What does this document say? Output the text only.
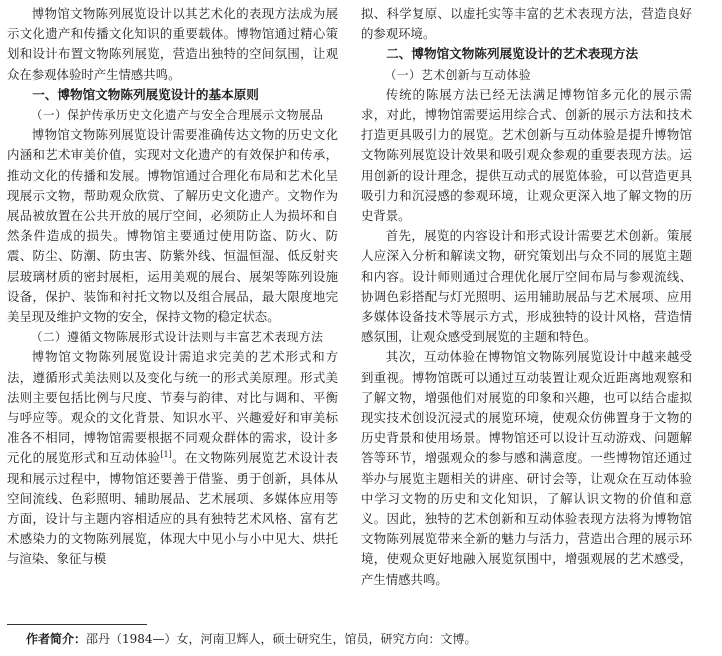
博物馆文物陈列展览设计以其艺术化的表现方法成为展示文化遗产和传播文化知识的重要载体。博物馆通过精心策划和设计布置文物陈列展览，营造出独特的空间氛围，让观众在参观体验时产生情感共鸣。

一、博物馆文物陈列展览设计的基本原则
（一）保护传承历史文化遗产与安全合理展示文物展品

博物馆文物陈列展览设计需要准确传达文物的历史文化内涵和艺术审美价值，实现对文化遗产的有效保护和传承，推动文化的传播和发展。博物馆通过合理化布局和艺术化呈现展示文物，帮助观众欣赏、了解历史文化遗产。文物作为展品被放置在公共开放的展厅空间，必须防止人为损坏和自然条件造成的损失。博物馆主要通过使用防盗、防火、防震、防尘、防潮、防虫害、防紫外线、恒温恒湿、低反射夹层玻璃材质的密封展柜，运用美观的展台、展架等陈列设施设备，保护、装饰和衬托文物以及组合展品，最大限度地完美呈现及维护文物的安全，保持文物的稳定状态。

（二）遵循文物陈展形式设计法则与丰富艺术表现方法

博物馆文物陈列展览设计需追求完美的艺术形式和方法，遵循形式美法则以及变化与统一的形式美原理。形式美法则主要包括比例与尺度、节奏与韵律、对比与调和、平衡与呼应等。观众的文化背景、知识水平、兴趣爱好和审美标准各不相同，博物馆需要根据不同观众群体的需求，设计多元化的展览形式和互动体验[1]。在文物陈列展览艺术设计表现和展示过程中，博物馆还要善于借鉴、勇于创新，具体从空间流线、色彩照明、辅助展品、艺术展项、多媒体应用等方面，设计与主题内容相适应的具有独特艺术风格、富有艺术感染力的文物陈列展览，体现大中见小与小中见大、烘托与渲染、象征与模

拟、科学复原、以虚托实等丰富的艺术表现方法，营造良好的参观环境。

二、博物馆文物陈列展览设计的艺术表现方法
（一）艺术创新与互动体验

传统的陈展方法已经无法满足博物馆多元化的展示需求，对此，博物馆需要运用综合式、创新的展示方法和技术打造更具吸引力的展览。艺术创新与互动体验是提升博物馆文物陈列展览设计效果和吸引观众参观的重要表现方法。运用创新的设计理念，提供互动式的展览体验，可以营造更具吸引力和沉浸感的参观环境，让观众更深入地了解文物的历史背景。

首先，展览的内容设计和形式设计需要艺术创新。策展人应深入分析和解读文物，研究策划出与众不同的展览主题和内容。设计师则通过合理优化展厅空间布局与参观流线、协调色彩搭配与灯光照明、运用辅助展品与艺术展项、应用多媒体设备技术等展示方式，形成独特的设计风格，营造情感氛围，让观众感受到展览的主题和特色。

其次，互动体验在博物馆文物陈列展览设计中越来越受到重视。博物馆既可以通过互动装置让观众近距离地观察和了解文物，增强他们对展览的印象和兴趣，也可以结合虚拟现实技术创设沉浸式的展览环境，使观众仿佛置身于文物的历史背景和使用场景。博物馆还可以设计互动游戏、问题解答等环节，增强观众的参与感和满意度。一些博物馆还通过举办与展览主题相关的讲座、研讨会等，让观众在互动体验中学习文物的历史和文化知识，了解认识文物的价值和意义。因此，独特的艺术创新和互动体验表现方法将为博物馆文物陈列展览带来全新的魅力与活力，营造出合理的展示环境，使观众更好地融入展览氛围中，增强观展的艺术感受，产生情感共鸣。

作者简介：邵丹（1984—）女，河南卫辉人，硕士研究生，馆员，研究方向：文博。
